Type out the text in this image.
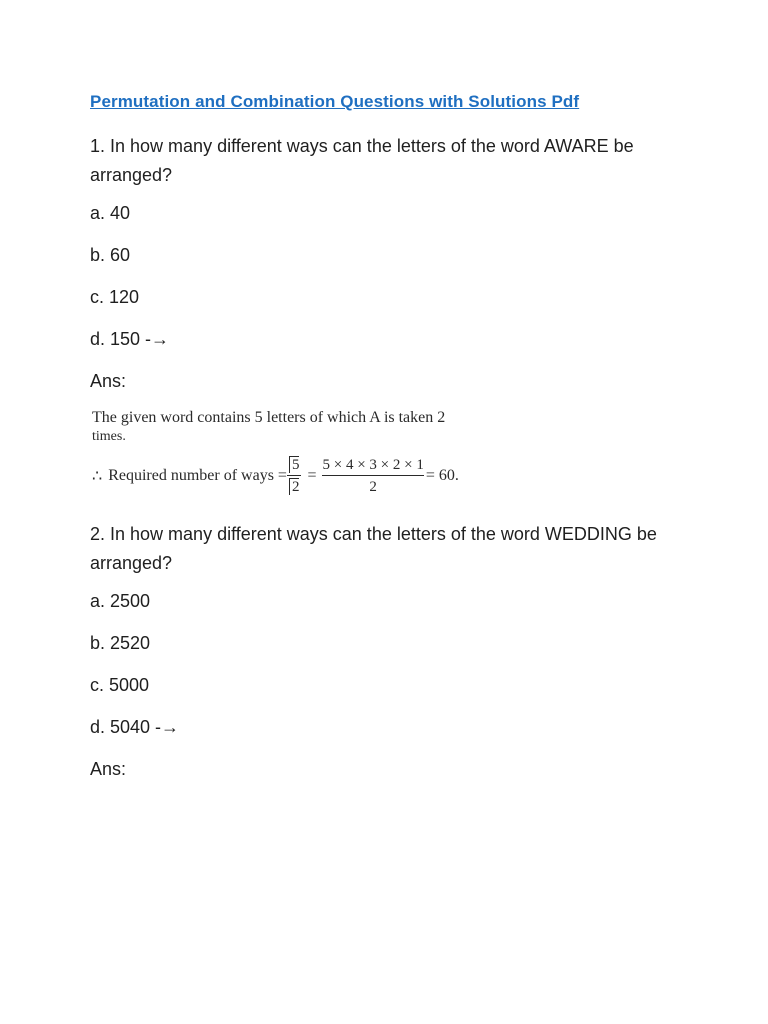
Permutation and Combination Questions with Solutions Pdf
1. In how many different ways can the letters of the word AWARE be arranged?
a. 40
b. 60
c. 120
d. 150 -→
Ans:
The given word contains 5 letters of which A is taken 2
times.
∴ Required number of ways = $\frac{5}{2} = \frac{5 \times 4 \times 3 \times 2 \times 1}{2} = 60$.
2. In how many different ways can the letters of the word WEDDING be arranged?
a. 2500
b. 2520
c. 5000
d. 5040 -→
Ans:
